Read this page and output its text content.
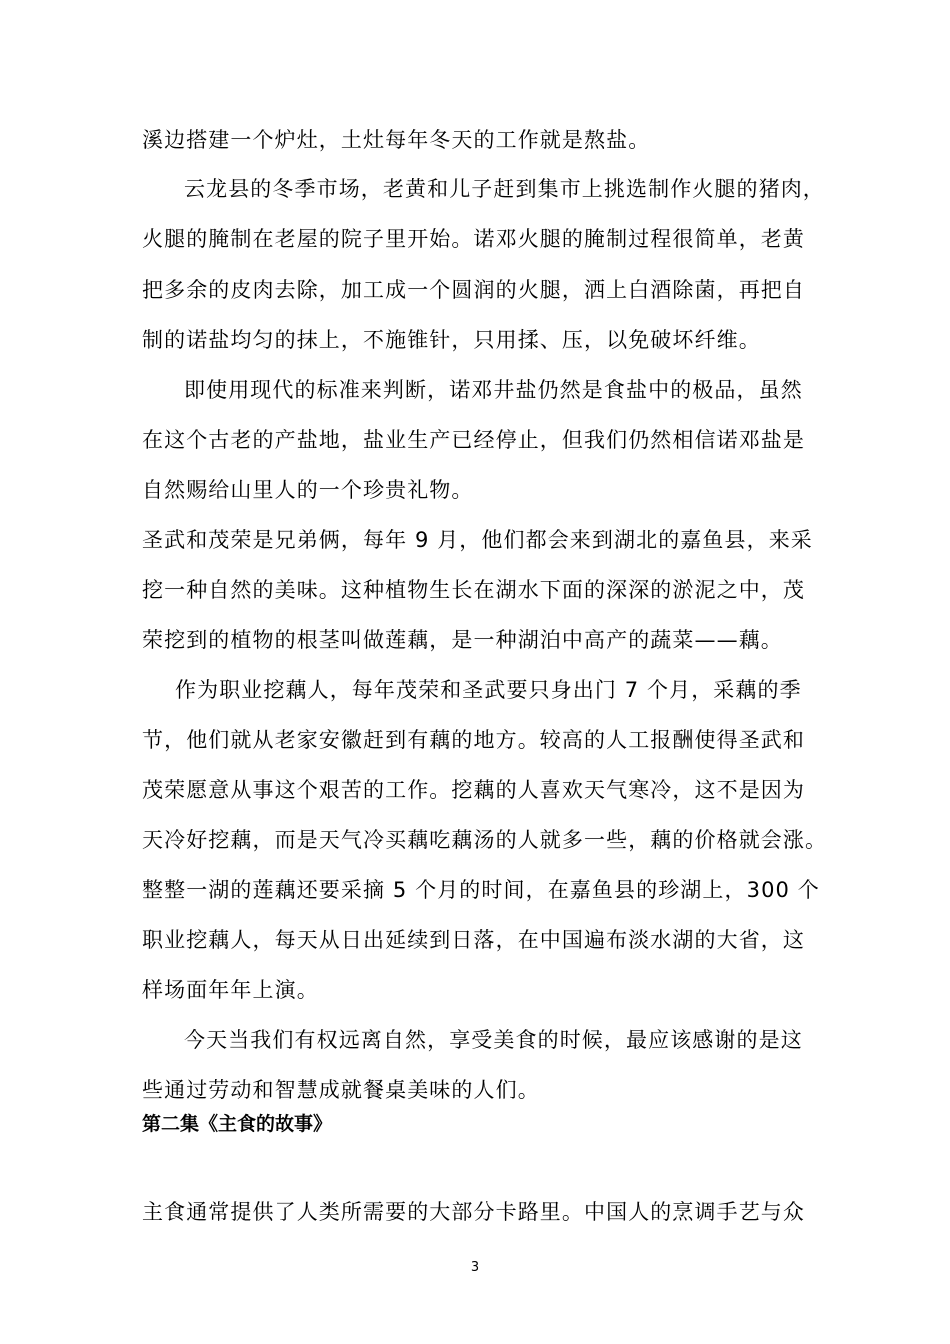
溪边搭建一个炉灶，土灶每年冬天的工作就是熬盐。
云龙县的冬季市场，老黄和儿子赶到集市上挑选制作火腿的猪肉，
火腿的腌制在老屋的院子里开始。诺邓火腿的腌制过程很简单，老黄
把多余的皮肉去除，加工成一个圆润的火腿，洒上白酒除菌，再把自
制的诺盐均匀的抹上，不施锥针，只用揉、压，以免破坏纤维。
即使用现代的标准来判断，诺邓井盐仍然是食盐中的极品，虽然
在这个古老的产盐地，盐业生产已经停止，但我们仍然相信诺邓盐是
自然赐给山里人的一个珍贵礼物。
圣武和茂荣是兄弟俩，每年 9 月，他们都会来到湖北的嘉鱼县，来采
挖一种自然的美味。这种植物生长在湖水下面的深深的淤泥之中，茂
荣挖到的植物的根茎叫做莲藕，是一种湖泊中高产的蔬菜——藕。
作为职业挖藕人，每年茂荣和圣武要只身出门 7 个月，采藕的季
节，他们就从老家安徽赶到有藕的地方。较高的人工报酬使得圣武和
茂荣愿意从事这个艰苦的工作。挖藕的人喜欢天气寒冷，这不是因为
天冷好挖藕，而是天气冷买藕吃藕汤的人就多一些，藕的价格就会涨。
整整一湖的莲藕还要采摘 5 个月的时间，在嘉鱼县的珍湖上，300 个
职业挖藕人，每天从日出延续到日落，在中国遍布淡水湖的大省，这
样场面年年上演。
今天当我们有权远离自然，享受美食的时候，最应该感谢的是这
些通过劳动和智慧成就餐桌美味的人们。
第二集《主食的故事》
主食通常提供了人类所需要的大部分卡路里。中国人的烹调手艺与众
3
